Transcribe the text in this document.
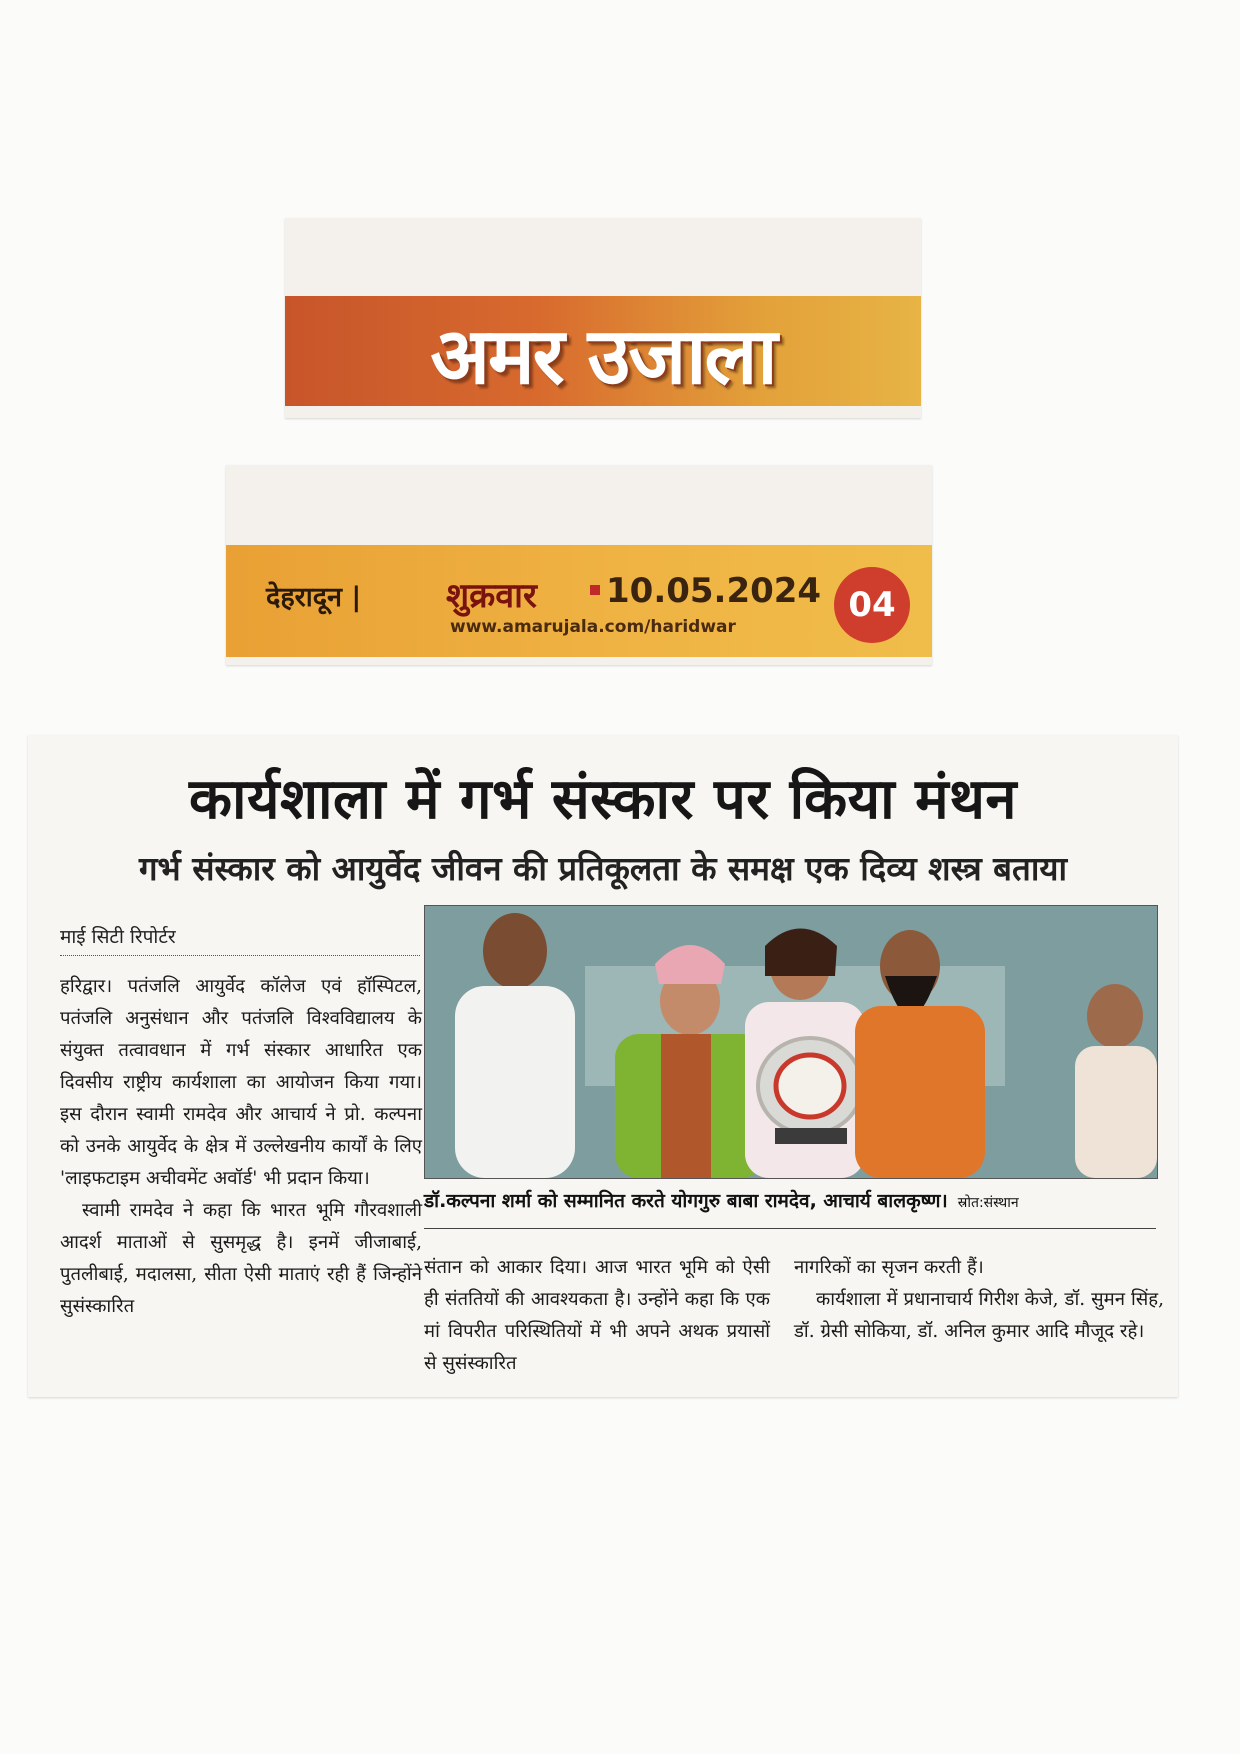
अमर उजाला
देहरादून | शुक्रवार 10.05.2024
www.amarujala.com/haridwar
04
कार्यशाला में गर्भ संस्कार पर किया मंथन
गर्भ संस्कार को आयुर्वेद जीवन की प्रतिकूलता के समक्ष एक दिव्य शस्त्र बताया
माई सिटी रिपोर्टर

हरिद्वार। पतंजलि आयुर्वेद कॉलेज एवं हॉस्पिटल, पतंजलि अनुसंधान और पतंजलि विश्वविद्यालय के संयुक्त तत्वावधान में गर्भ संस्कार आधारित एक दिवसीय राष्ट्रीय कार्यशाला का आयोजन किया गया। इस दौरान स्वामी रामदेव और आचार्य ने प्रो. कल्पना को उनके आयुर्वेद के क्षेत्र में उल्लेखनीय कार्यों के लिए 'लाइफटाइम अचीवमेंट अवॉर्ड' भी प्रदान किया।

स्वामी रामदेव ने कहा कि भारत भूमि गौरवशाली आदर्श माताओं से सुसमृद्ध है। इनमें जीजाबाई, पुतलीबाई, मदालसा, सीता ऐसी माताएं रही हैं जिन्होंने सुसंस्कारित

डॉ.कल्पना शर्मा को सम्मानित करते योगगुरु बाबा रामदेव, आचार्य बालकृष्ण। स्रोत:संस्थान

संतान को आकार दिया। आज भारत भूमि को ऐसी ही संततियों की आवश्यकता है। उन्होंने कहा कि एक मां विपरीत परिस्थितियों में भी अपने अथक प्रयासों से सुसंस्कारित

नागरिकों का सृजन करती हैं।

कार्यशाला में प्रधानाचार्य गिरीश केजे, डॉ. सुमन सिंह, डॉ. ग्रेसी सोकिया, डॉ. अनिल कुमार आदि मौजूद रहे।
